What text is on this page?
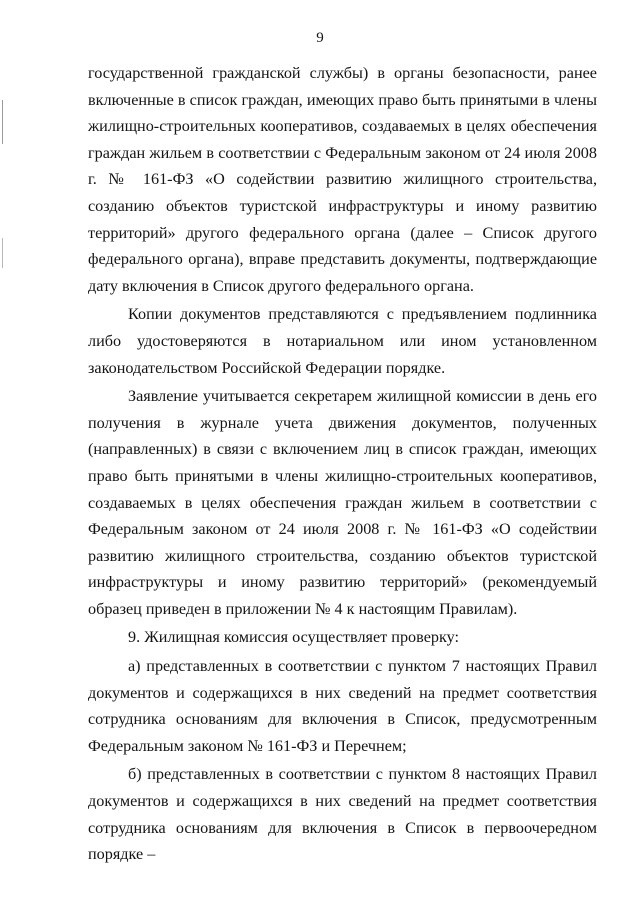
9

государственной гражданской службы) в органы безопасности, ранее включенные в список граждан, имеющих право быть принятыми в члены жилищно-строительных кооперативов, создаваемых в целях обеспечения граждан жильем в соответствии с Федеральным законом от 24 июля 2008 г. № 161-ФЗ «О содействии развитию жилищного строительства, созданию объектов туристской инфраструктуры и иному развитию территорий» другого федерального органа (далее – Список другого федерального органа), вправе представить документы, подтверждающие дату включения в Список другого федерального органа.

Копии документов представляются с предъявлением подлинника либо удостоверяются в нотариальном или ином установленном законодательством Российской Федерации порядке.

Заявление учитывается секретарем жилищной комиссии в день его получения в журнале учета движения документов, полученных (направленных) в связи с включением лиц в список граждан, имеющих право быть принятыми в члены жилищно-строительных кооперативов, создаваемых в целях обеспечения граждан жильем в соответствии с Федеральным законом от 24 июля 2008 г. № 161-ФЗ «О содействии развитию жилищного строительства, созданию объектов туристской инфраструктуры и иному развитию территорий» (рекомендуемый образец приведен в приложении № 4 к настоящим Правилам).

9. Жилищная комиссия осуществляет проверку:

а) представленных в соответствии с пунктом 7 настоящих Правил документов и содержащихся в них сведений на предмет соответствия сотрудника основаниям для включения в Список, предусмотренным Федеральным законом № 161-ФЗ и Перечнем;

б) представленных в соответствии с пунктом 8 настоящих Правил документов и содержащихся в них сведений на предмет соответствия сотрудника основаниям для включения в Список в первоочередном порядке –
